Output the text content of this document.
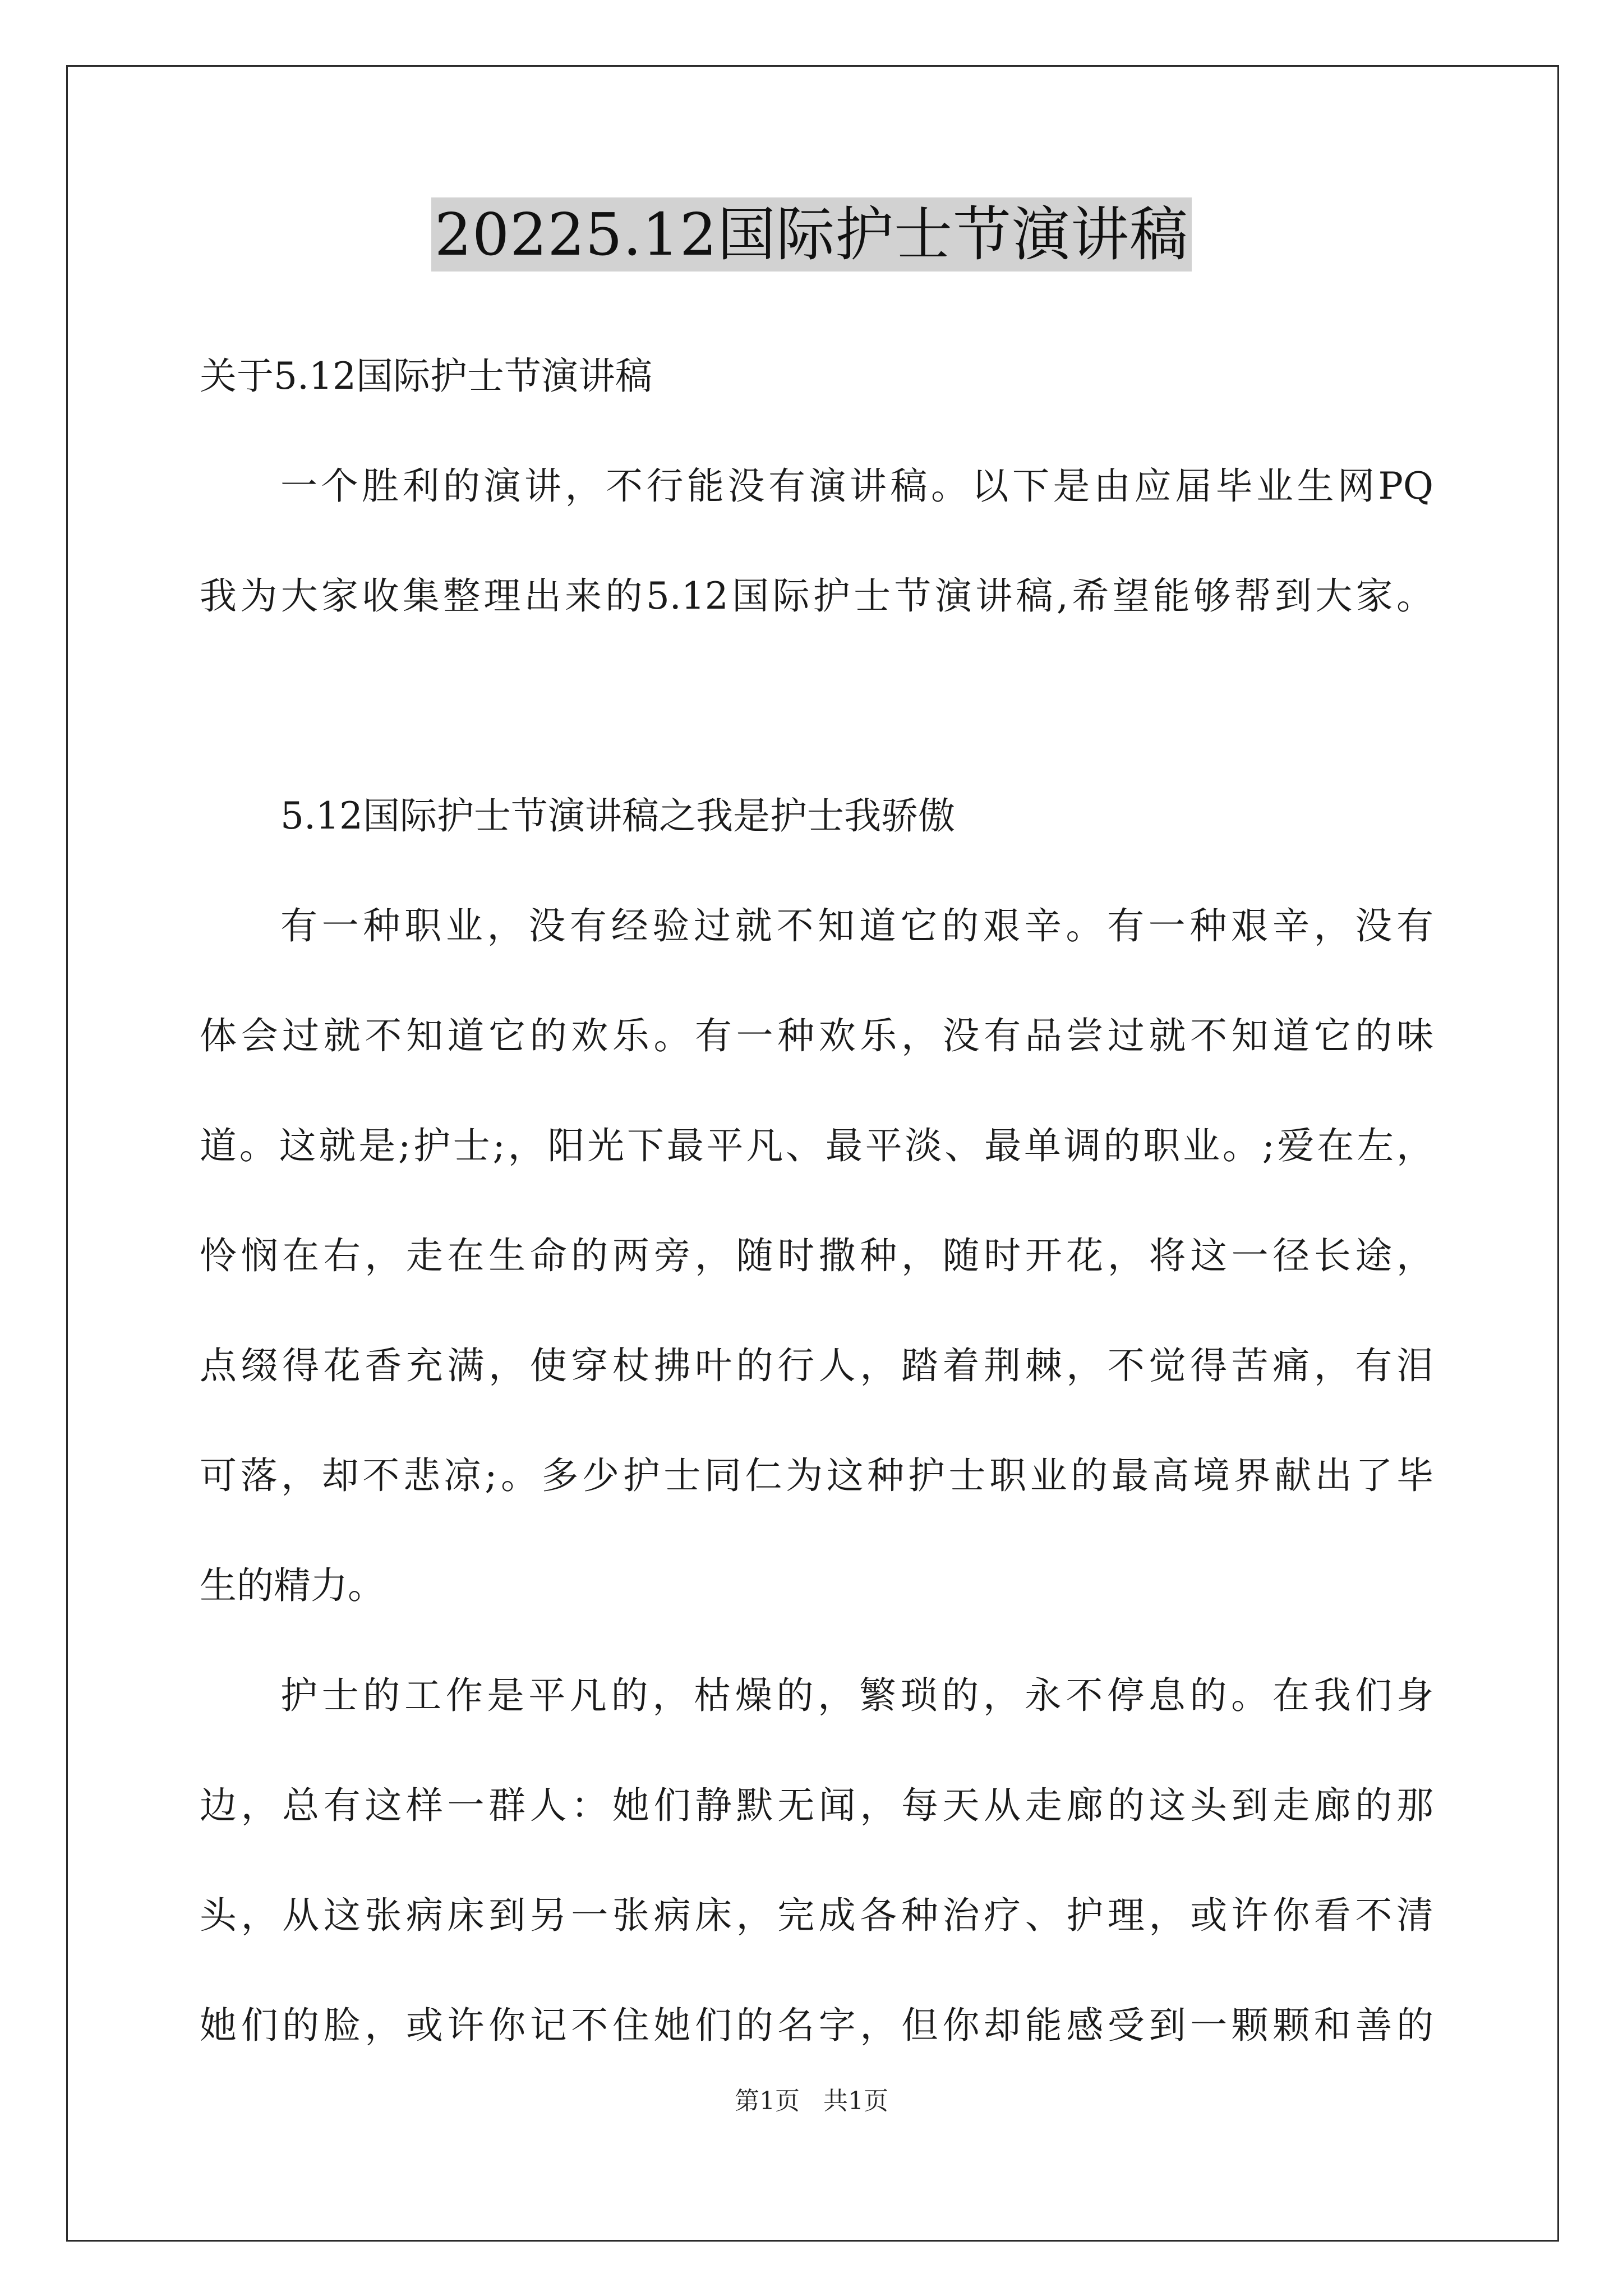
20225.12国际护士节演讲稿
关于5.12国际护士节演讲稿
一个胜利的演讲，不行能没有演讲稿。以下是由应届毕业生网PQ
我为大家收集整理出来的5.12国际护士节演讲稿,希望能够帮到大家。
5.12国际护士节演讲稿之我是护士我骄傲
有一种职业，没有经验过就不知道它的艰辛。有一种艰辛，没有
体会过就不知道它的欢乐。有一种欢乐，没有品尝过就不知道它的味
道。这就是;护士;，阳光下最平凡、最平淡、最单调的职业。;爱在左，
怜悯在右，走在生命的两旁，随时撒种，随时开花，将这一径长途，
点缀得花香充满，使穿杖拂叶的行人，踏着荆棘，不觉得苦痛，有泪
可落，却不悲凉;。多少护士同仁为这种护士职业的最高境界献出了毕
生的精力。
护士的工作是平凡的，枯燥的，繁琐的，永不停息的。在我们身
边，总有这样一群人：她们静默无闻，每天从走廊的这头到走廊的那
头，从这张病床到另一张病床，完成各种治疗、护理，或许你看不清
她们的脸，或许你记不住她们的名字，但你却能感受到一颗颗和善的
第1页 共1页
